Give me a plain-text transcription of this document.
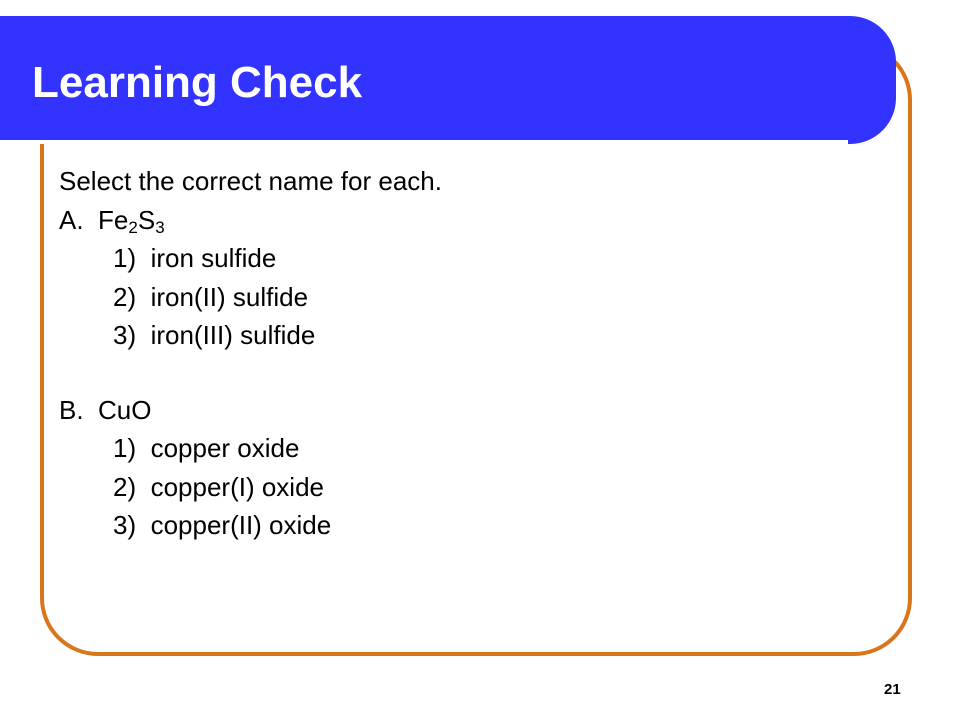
Learning Check
Select the correct name for each.
A. $Fe_2S_3$
1)  iron sulfide
2)  iron(II) sulfide
3)  iron(III) sulfide
B. CuO
1)  copper oxide
2)  copper(I) oxide
3)  copper(II) oxide
21
